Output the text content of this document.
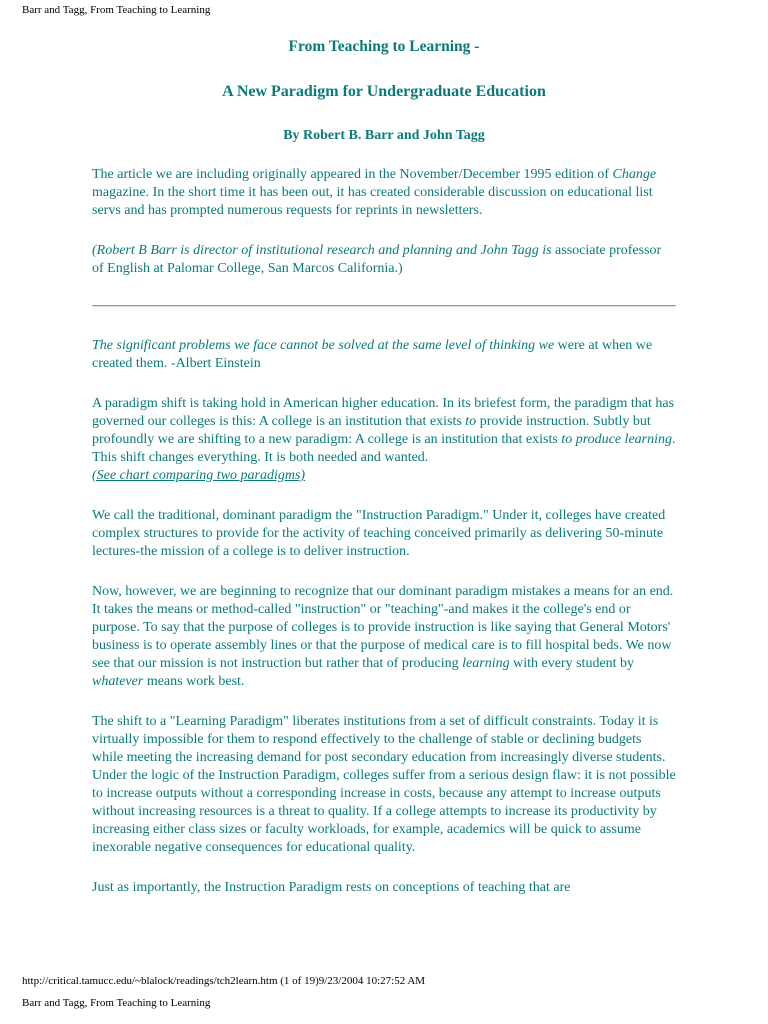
Barr and Tagg, From Teaching to Learning
From Teaching to Learning -
A New Paradigm for Undergraduate Education
By Robert B. Barr and John Tagg

The article we are including originally appeared in the November/December 1995 edition of Change magazine. In the short time it has been out, it has created considerable discussion on educational list servs and has prompted numerous requests for reprints in newsletters.

(Robert B Barr is director of institutional research and planning and John Tagg is associate professor of English at Palomar College, San Marcos California.)

The significant problems we face cannot be solved at the same level of thinking we were at when we created them. -Albert Einstein

A paradigm shift is taking hold in American higher education. In its briefest form, the paradigm that has governed our colleges is this: A college is an institution that exists to provide instruction. Subtly but profoundly we are shifting to a new paradigm: A college is an institution that exists to produce learning. This shift changes everything. It is both needed and wanted.
(See chart comparing two paradigms)

We call the traditional, dominant paradigm the "Instruction Paradigm." Under it, colleges have created complex structures to provide for the activity of teaching conceived primarily as delivering 50-minute lectures-the mission of a college is to deliver instruction.

Now, however, we are beginning to recognize that our dominant paradigm mistakes a means for an end. It takes the means or method-called "instruction" or "teaching"-and makes it the college's end or purpose. To say that the purpose of colleges is to provide instruction is like saying that General Motors' business is to operate assembly lines or that the purpose of medical care is to fill hospital beds. We now see that our mission is not instruction but rather that of producing learning with every student by whatever means work best.

The shift to a "Learning Paradigm" liberates institutions from a set of difficult constraints. Today it is virtually impossible for them to respond effectively to the challenge of stable or declining budgets while meeting the increasing demand for post secondary education from increasingly diverse students. Under the logic of the Instruction Paradigm, colleges suffer from a serious design flaw: it is not possible to increase outputs without a corresponding increase in costs, because any attempt to increase outputs without increasing resources is a threat to quality. If a college attempts to increase its productivity by increasing either class sizes or faculty workloads, for example, academics will be quick to assume inexorable negative consequences for educational quality.

Just as importantly, the Instruction Paradigm rests on conceptions of teaching that are

http://critical.tamucc.edu/~blalock/readings/tch2learn.htm (1 of 19)9/23/2004 10:27:52 AM
Barr and Tagg, From Teaching to Learning
